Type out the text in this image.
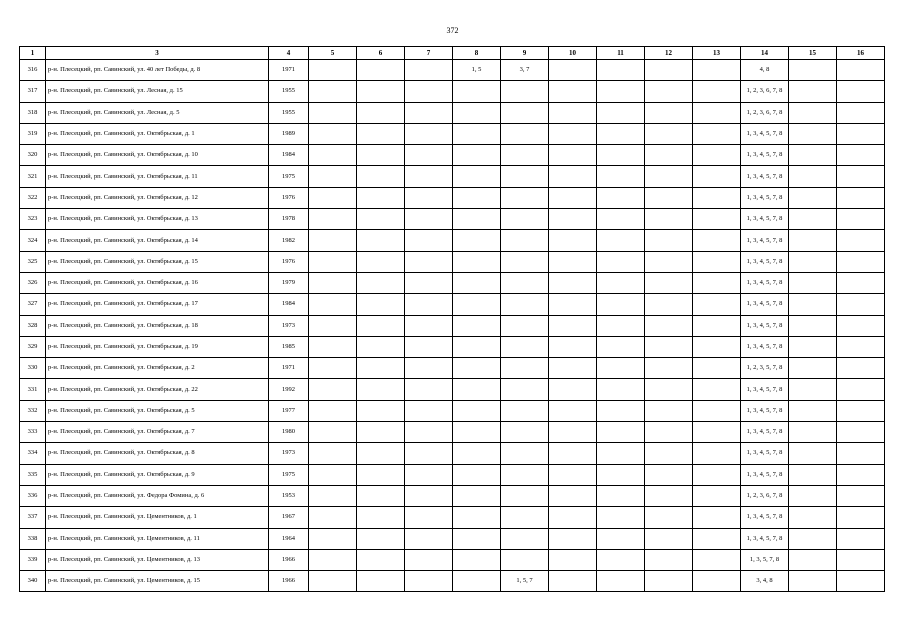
372
1	3	4	5	6	7	8	9	10	11	12	13	14	15	16
316	р-н. Плесецкий, рп. Савинский, ул. 40 лет Победы, д. 8	1971				1, 5	3, 7					4, 8		
317	р-н. Плесецкий, рп. Савинский, ул. Лесная, д. 15	1955										1, 2, 3, 6, 7, 8		
318	р-н. Плесецкий, рп. Савинский, ул. Лесная, д. 5	1955										1, 2, 3, 6, 7, 8		
319	р-н. Плесецкий, рп. Савинский, ул. Октябрьская, д. 1	1989										1, 3, 4, 5, 7, 8		
320	р-н. Плесецкий, рп. Савинский, ул. Октябрьская, д. 10	1984										1, 3, 4, 5, 7, 8		
321	р-н. Плесецкий, рп. Савинский, ул. Октябрьская, д. 11	1975										1, 3, 4, 5, 7, 8		
322	р-н. Плесецкий, рп. Савинский, ул. Октябрьская, д. 12	1976										1, 3, 4, 5, 7, 8		
323	р-н. Плесецкий, рп. Савинский, ул. Октябрьская, д. 13	1978										1, 3, 4, 5, 7, 8		
324	р-н. Плесецкий, рп. Савинский, ул. Октябрьская, д. 14	1982										1, 3, 4, 5, 7, 8		
325	р-н. Плесецкий, рп. Савинский, ул. Октябрьская, д. 15	1976										1, 3, 4, 5, 7, 8		
326	р-н. Плесецкий, рп. Савинский, ул. Октябрьская, д. 16	1979										1, 3, 4, 5, 7, 8		
327	р-н. Плесецкий, рп. Савинский, ул. Октябрьская, д. 17	1984										1, 3, 4, 5, 7, 8		
328	р-н. Плесецкий, рп. Савинский, ул. Октябрьская, д. 18	1973										1, 3, 4, 5, 7, 8		
329	р-н. Плесецкий, рп. Савинский, ул. Октябрьская, д. 19	1985										1, 3, 4, 5, 7, 8		
330	р-н. Плесецкий, рп. Савинский, ул. Октябрьская, д. 2	1971										1, 2, 3, 5, 7, 8		
331	р-н. Плесецкий, рп. Савинский, ул. Октябрьская, д. 22	1992										1, 3, 4, 5, 7, 8		
332	р-н. Плесецкий, рп. Савинский, ул. Октябрьская, д. 5	1977										1, 3, 4, 5, 7, 8		
333	р-н. Плесецкий, рп. Савинский, ул. Октябрьская, д. 7	1980										1, 3, 4, 5, 7, 8		
334	р-н. Плесецкий, рп. Савинский, ул. Октябрьская, д. 8	1973										1, 3, 4, 5, 7, 8		
335	р-н. Плесецкий, рп. Савинский, ул. Октябрьская, д. 9	1975										1, 3, 4, 5, 7, 8		
336	р-н. Плесецкий, рп. Савинский, ул. Федора Фомина, д. 6	1953										1, 2, 3, 6, 7, 8		
337	р-н. Плесецкий, рп. Савинский, ул. Цементников, д. 1	1967										1, 3, 4, 5, 7, 8		
338	р-н. Плесецкий, рп. Савинский, ул. Цементников, д. 11	1964										1, 3, 4, 5, 7, 8		
339	р-н. Плесецкий, рп. Савинский, ул. Цементников, д. 13	1966										1, 3, 5, 7, 8		
340	р-н. Плесецкий, рп. Савинский, ул. Цементников, д. 15	1966					1, 5, 7					3, 4, 8		
